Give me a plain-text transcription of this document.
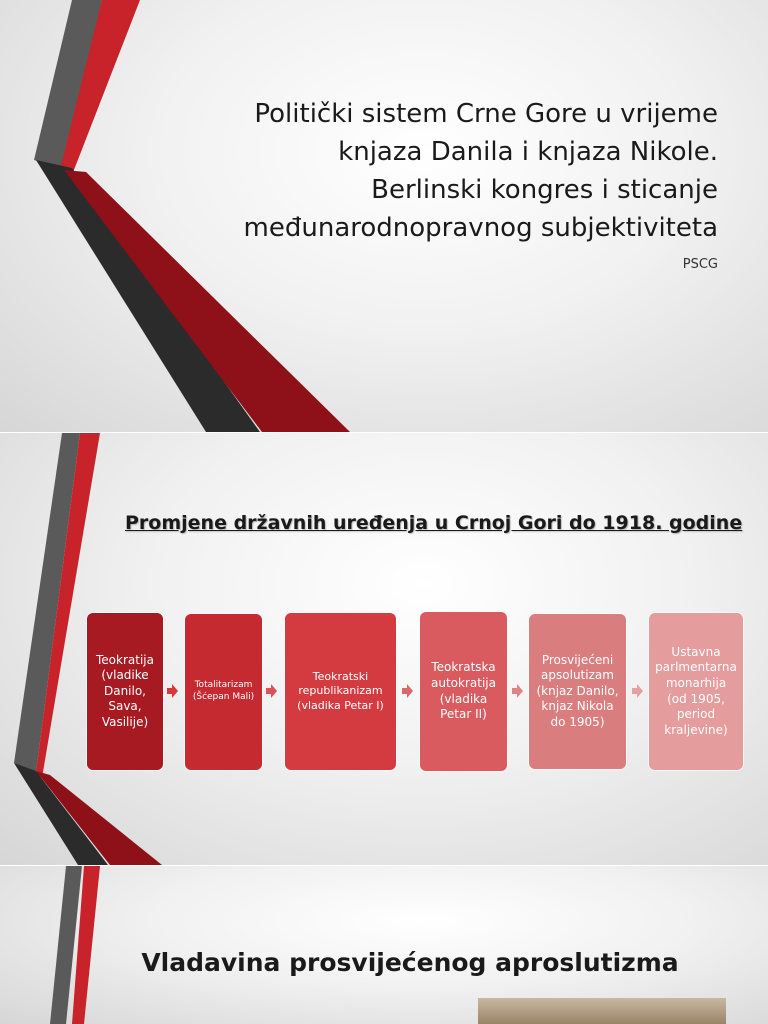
Politički sistem Crne Gore u vrijeme
knjaza Danila i knjaza Nikole.
Berlinski kongres i sticanje
međunarodnopravnog subjektiviteta
PSCG
Promjene državnih uređenja u Crnoj Gori do 1918. godine
Teokratija
(vladike
Danilo,
Sava,
Vasilije)
Totalitarizam
(Šćepan Mali)
Teokratski
republikanizam
(vladika Petar I)
Teokratska
autokratija
(vladika
Petar II)
Prosvijećeni
apsolutizam
(knjaz Danilo,
knjaz Nikola
do 1905)
Ustavna
parlmentarna
monarhija
(od 1905,
period
kraljevine)
Vladavina prosvijećenog aproslutizma
